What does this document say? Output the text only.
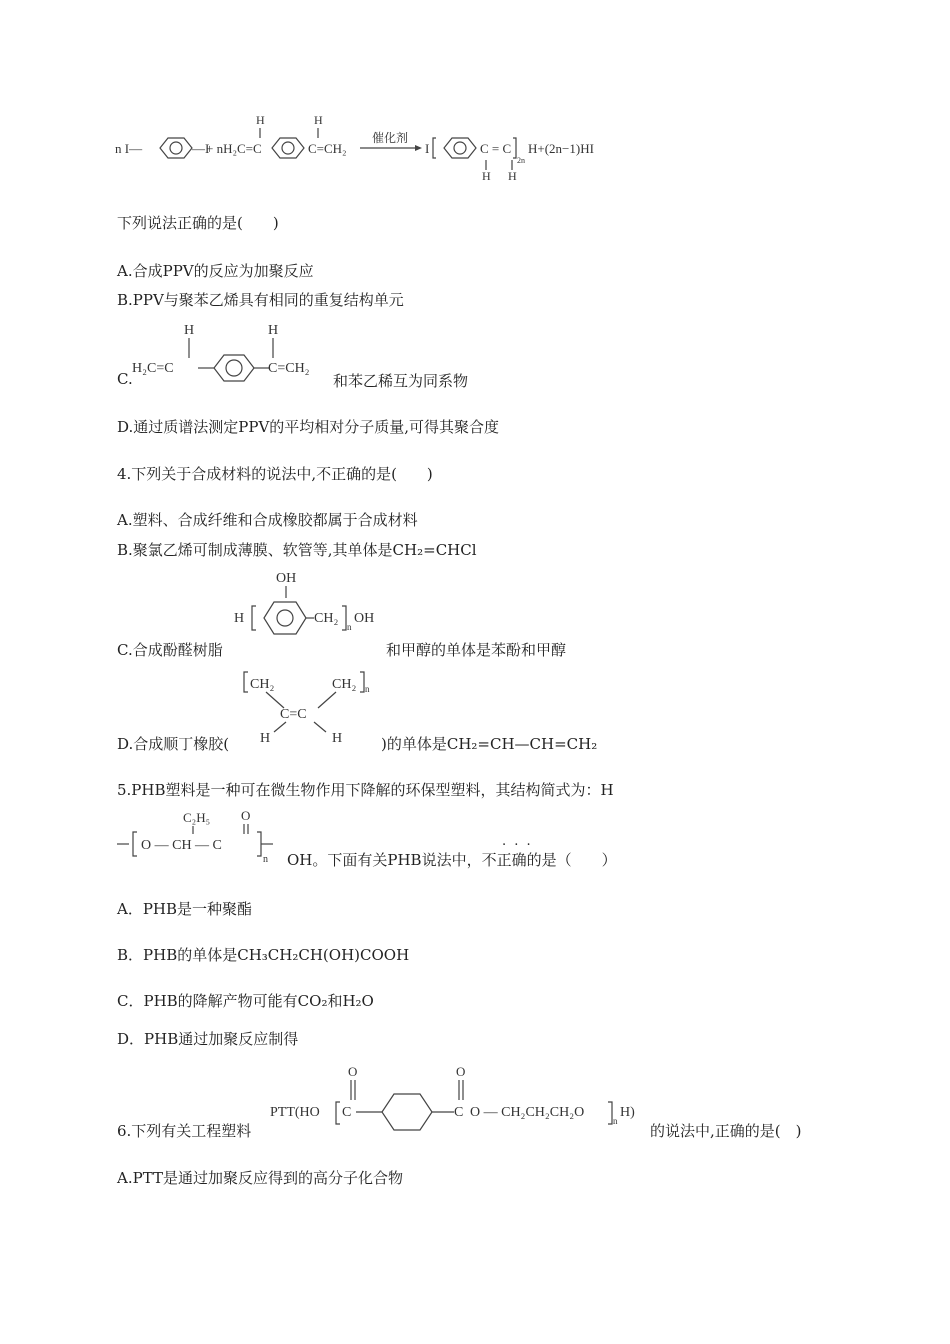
n I—	—I
+ nH₂C=C
H	H
C=CH₂
催化剂
I	C = C
2n
H+(2n−1)HI
H H
下列说法正确的是(　　)
A.合成PPV的反应为加聚反应
B.PPV与聚苯乙烯具有相同的重复结构单元
C.
H₂C=C
H	H
C=CH₂
和苯乙稀互为同系物
D.通过质谱法测定PPV的平均相对分子质量,可得其聚合度
4.下列关于合成材料的说法中,不正确的是(　　)
A.塑料、合成纤维和合成橡胶都属于合成材料
B.聚氯乙烯可制成薄膜、软管等,其单体是CH₂=CHCl
OH
H	CH₂
n
OH
C.合成酚醛树脂	和甲醇的单体是苯酚和甲醇
CH₂
C=C
CH₂ n
H	H
D.合成顺丁橡胶(	)的单体是CH₂=CH—CH=CH₂
5.PHB塑料是一种可在微生物作用下降解的环保型塑料，其结构简式为：H
O — CH — C
C₂H₅ O
n
. . .
OH。下面有关PHB说法中，不正确的是（　　）
A．PHB是一种聚酯
B．PHB的单体是CH₃CH₂CH(OH)COOH
C．PHB的降解产物可能有CO₂和H₂O
D．PHB通过加聚反应制得
6.下列有关工程塑料
PTT(HO C
O
C
O
O — CH₂CH₂CH₂O
n
H)
的说法中,正确的是(　)
A.PTT是通过加聚反应得到的高分子化合物
